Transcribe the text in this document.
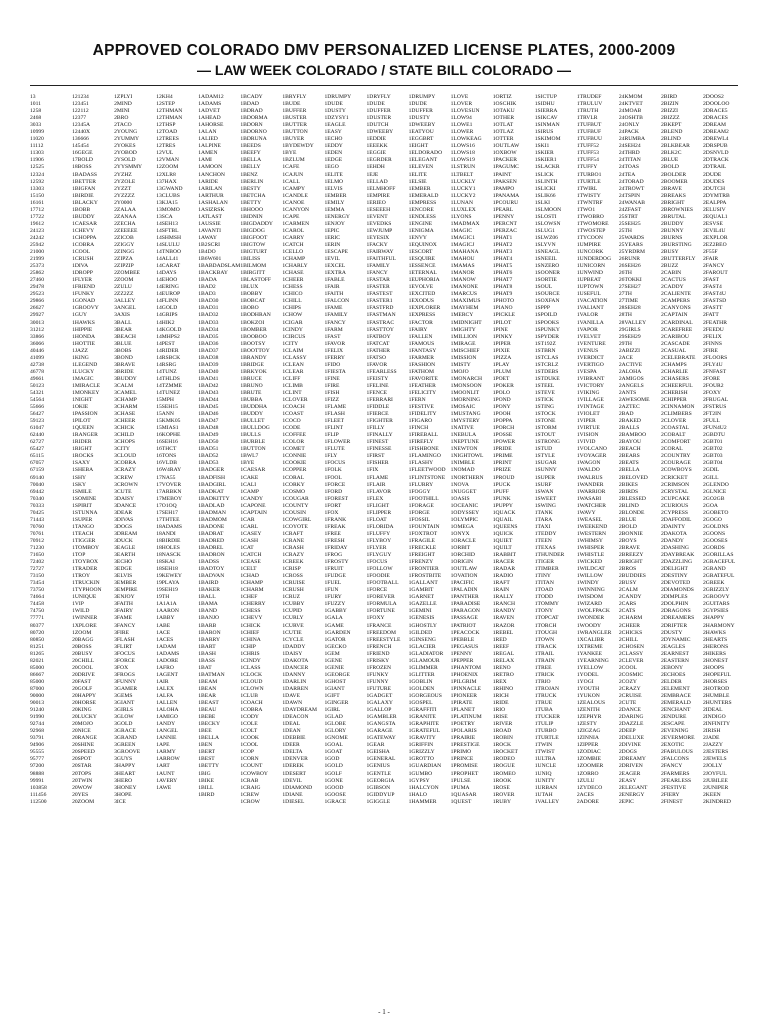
APPROVED COLORADO DMV PERSONALIZED LICENSE PLATES, 2000-2009
— LAW WEEK COLORADO / STATE BILL COLORADO —
13
1011
1258
2468
3033
10999
11020
11112
11303
11906
12525
12324
12592
13303
15150
16161
17712
17722
19612
24123
24242
25942
21000
21999
25373
25862
27460
29478
29523
29866
26627
29927
30013
31212
33866
36066
40446
41099
42738
46778
49661
50123
54321
54564
55666
56427
59123
61047
62440
62727
65427
65115
67057
67159
69140
70040
69442
70340
70333
70425
71443
70760
70761
70912
71230
71650
72402
72727
73150
73454
73750
74664
74458
74750
77771
80377
80720
80850
81251
81265
82021
85000
86667
85000
87000
90000
90013
91240
91990
92744
92968
93791
94906
95555
95777
97200
98888
99991
103858
111456
112500
121234
123451
122112
12377
12345A
12440X
136666
145454
16GEGE
17BOLD
18BOSS
1BADASS
1BETTER
1BIGFAN
1BIRDIE
1BLACKY
1BOBB
1BUDDY
1CAESAR
1CHEVY
1CHOPPA
1COBRA
1COOL
1CRUSH
1DIVA
1DROPP
1FLYER
1FRIEND
1FUNKY
1GONAD
1GROOVY
1GUY
1HAWKS
1HIPPIE
1HONDA
1HOTTIE
1JAZZ
1KING
1LEGEND
1LUCKY
1MAGIC
1MIRACLE
1MONKEY
1NIGHT
1OKIE
1PASSION
1PILOT
1QUEEN
1RANGER
1RIDER
1RIGHT
1ROCKS
1SAXY
1SHEBA
1SHY
1SKY
1SMILE
1SOMINE
1SPIRIT
1STUNNA
1SUPER
1TANGO
1TEACH
1TIGGER
1TOMBOY
1TOP
1TOYBOX
1TRADER
1TROY
1TRUCKIN
1TYPHOON
1UNIQUE
1VIP
1WILD
1WINNER
1XPLORE
1ZOOM
20BAGG
20BOSS
20BUSY
20CHILL
20COOL
20DRIVE
20FAST
20GOLF
20HAPPY
20HORSE
20KING
20LUCKY
20MOJO
20NICE
20RANGE
20SHINE
20SPEED
20SPOT
20STAR
20TOPS
20TWIN
20WOW
20YES
20ZOOM
1ZPLYI
2MIND
2MINI
2BRO
2TACO
2YOUNG
2YUMMY
2YOKES
2YOBOD
2YSOLD
2YYSMMY
2YZHZ
2YZOLE
2YZZT
2YZZZZ
2Y0000
2ZALAA
2ZANAA
2ZECHA
2ZEEEEE
2ZICOB
2ZIGGY
2ZINGG
2ZIPZA
2ZIPZIP
2ZOMBEE
2ZOOM
2ZULU
2ZZ2ZZ
3ALLEY
3ANGEL
3AXIS
3BALL
3BEAR
3BEACH
3BLUE
3BOBS
3BOND
3BRAVE
3BRIDE
3BUDDY
3CALM
3CAMEL
3CHAMP
3CHARM
3CHASE
3CHEER
3CHICK
3CHILD
3CHOPS
3CITY
3CLOUD
3COBRA
3CRAZY
3CREW
3CROWN
3CUTE
3DAISY
3DANCE
3DEAR
3DIVAS
3DOGS
3DREAM
3DUCK
3EAGLE
3EARTH
3ECHO
3EDGE
3ELVIS
3EMBER
3EMPIRE
3ENJOY
3FAITH
3FAIRY
3FAME
3FANCY
3FIRE
3FLASH
3FLIRT
3FOCUS
3FORCE
3FOX
3FROGS
3FUNNY
3GAMER
3GEMS
3GIANT
3GIRLS
3GLOW
3GOLD
3GRACE
3GRAND
3GREEN
3GROOVE
3GUYS
3HAPPY
3HEART
3HERO
3HONEY
3HOPE
3ICE
12KH4
12STEP
12THMAN
12THMAN
12THSP
12TOAD
12TREES
12TRES
12VUL
12VMAN
12ZOOM
12XLR8
137HAX
13GWAND
13CLUBS
13KJA15
13MOMO
13SCA
14SEH13
14SFTBL
14SHMSH
14SLULU
14TNBOO
14ALL41
14CARAT
14DAYS
14EHOO
14ERING
14EUROP
14FLINN
14GOLD
14GRIPS
14HIK2
14KGOLD
14MHPS2
14PEST
14RIDER
14RSBCK
14RSRG
14TUNZ
14THLDS
14TZMME
14TUNEZ
15MPH
15SEH15
15ANN
15KMK05
15MIAS1
16KOPHE
16SEH16
16THCT
16TONS
16VLDB
16W4RAY
17NA55
17VOVER
17ARBKN
17MEBOY
17O1OQ
17SEH17
17THTEE
18ADAMS
18ANDI
18BIRDIE
18HOLES
18NASCK
18SKAI
18SEH18
19KEWEY
19PLAYA
19SEH19
19TH
1A1A1A
1AARON
1ABBY
1ABE
1ACE
1ACES
1ADAM
1ADAMS
1ADORE
1AFRO
1AGENT
1AIR
1ALEX
1ALFA
1ALLEN
1ALOHA
1AMIGO
1ANDY
1ANGEL
1ANNIE
1APE
1ARMY
1ARROW
1ART
1AUNT
1AVERY
1AWE
1ADAM12
1ADAMS
1ADVET
1AHEAD
1AHORSE
1ALAN
1ALIED
1ALPINE
1AMEN
1AMI
1AMOON
1ANCHON
1ARIDE
1ARILAN
1ARTHUR
1ASHALAN
1ASIZRSK
1ATLAST
1AUSSIE
1AVANTI
1AWAY
1B2SCRI
1B4DO
1B6W601
1BABDADSLAM
1BACKBAY
1BADA
1BAD2
1BAD3
1BAD30
1BAD31
1BAD32
1BAD33
1BAD34
1BAD35
1BAD36
1BAD37
1BAD38
1BAD39
1BAD40
1BAD41
1BAD42
1BAD43
1BAD44
1BAD45
1BAD46
1BAD47
1BAD48
1BAD49
1BAD50
1BAD51
1BAD52
1BAD53
1BADGER
1BADFISH
1BADGIRL
1BADKAT
1BADKITTY
1BADLAD
1BADMAN
1BADMOM
1BADONE
1BADRAT
1BADRED
1BADREL
1BADRON
1BADSS
1BADTOY
1BADVAN
1BAIRD
1BAKER
1BALL
1BAMA
1BAND
1BANJO
1BARB
1BARON
1BARRY
1BART
1BASH
1BASS
1BAT
1BATMAN
1BEAM
1BEAN
1BEAR
1BEAST
1BEAU
1BEBE
1BECKY
1BEE
1BELLA
1BEN
1BERT
1BEST
1BETTY
1BIG
1BIKE
1BILL
1BIRD
1BCADY
1BDAD
1BDRAD
1BDORMA
1BDORN
1BDORNO
1BDRUNA
1BEEDS
1BEEFY
1BELLA
1BELLY
1BENZ
1BERLIN
1BESTY
1BETCHA
1BETTY
1BHOOO
1BIDNIN
1BIGDADDY
1BIGDOG
1BIGFOOT
1BIGTOW
1BIGTURT
1BILISS
1BILMOM
1BIRGITT
1BLASTOFF
1BLUX
1BOBBY
1BOBCAT
1BOBO
1BODHRAN
1BOKZOI
1BOMBER
1BOOBOO
1BOOTSY
1BOOTTOY
1BRANDY
1BRIDGE
1BRKYOK
1BRUCE
1BRUNO
1BRUTE
1BUBBA
1BUDDHA
1BUDDY
1BULLET
1BULLDOG
1BULLS
1BURBLE
1BUTTON
1BWL7
1BYE
1CAESAR
1CAKE
1CALI
1CAMP
1CANDY
1CAPONE
1CAPTAIN
1CAR
1CARL
1CASEY
1CASH
1CAT
1CATCH
1CEASE
1CELT
1CHAD
1CHAMP
1CHARM
1CHEF
1CHERRY
1CHESS
1CHEVY
1CHICK
1CHIEF
1CHINA
1CHIP
1CHRIS
1CINDY
1CLASS
1CLOCK
1CLOUD
1CLOWN
1CLUB
1COACH
1COBRA
1CODY
1COLE
1COLT
1COOK
1COOL
1COP
1CORN
1COUNT
1COWBOY
1CRAB
1CRAIG
1CREW
1CROW
1BRYFLY
1BUDE
1BUFFER
1BUSTER
1BUTTER
1BUTTON
1BUYER
1BYDEWDY
1BYE
1BZLUM
1CAFE
1CAJUN
1CALL
1CAMPY
1CANDLE
1CANOE
1CANYON
1CAPE
1CARMEN
1CAROL
1CARRY
1CATCH
1CELLO
1CHAMP
1CHARLY
1CHASE
1CHEER
1CHESS
1CHICO
1CHILL
1CHIPS
1CHOW
1CIGAR
1CINDY
1CIRCUS
1CITY
1CLAIM
1CLASSY
1CLEAN
1CLEAR
1CLIFF
1CLIMB
1CLINT
1CLOVER
1COACH
1COAST
1COCO
1CODE
1COFFEE
1COLOR
1COMET
1CONNIE
1COOKIE
1COPPER
1CORAL
1CORKY
1COSMO
1COUGAR
1COUNTY
1COUSIN
1COWGIRL
1COYOTE
1CRAFT
1CRANE
1CRASH
1CRAZY
1CREEK
1CRISP
1CROSS
1CRUISE
1CRUSH
1CRUZ
1CUBBY
1CUPID
1CURLY
1CURVE
1CUTIE
1CYCLE
1DADDY
1DAISY
1DAKOTA
1DANCER
1DANNY
1DARLIN
1DARREN
1DAVE
1DAWN
1DAYDREAM
1DEACON
1DEAL
1DEAN
1DEBBIE
1DEER
1DELTA
1DENVER
1DEREK
1DESERT
1DEVIL
1DIAMOND
1DIANE
1DIESEL
1DRUMPY
1DUDE
1DUSTY
1DZYSY1
1EAGLE
1EASY
1ECHO
1EDDY
1EDEN
1EDGE
1EGO
1ELITE
1ELMO
1ELVIS
1EMBER
1EMILY
1EMMA
1ENERGY
1ENJOY
1EPIC
1ERIC
1ERIN
1ESCAPE
1EVIL
1EXCEL
1EXTRA
1FABLE
1FAIR
1FAITH
1FALCON
1FAME
1FAMILY
1FANCY
1FARM
1FAST
1FAVOR
1FELIX
1FERRY
1FIDO
1FIESTA
1FINE
1FIRE
1FISH
1FIZZ
1FLAME
1FLASH
1FLEET
1FLINT
1FLIP
1FLOWER
1FLUTE
1FLY
1FOCUS
1FOLK
1FOOL
1FORCE
1FORD
1FOREST
1FORT
1FOX
1FRANK
1FREAK
1FREE
1FRESH
1FRIDAY
1FROG
1FROSTY
1FRUIT
1FUDGE
1FUEL
1FUN
1FURY
1FUZZY
1GABBY
1GALA
1GAME
1GARDEN
1GATOR
1GECKO
1GEM
1GENE
1GENIE
1GEORGE
1GHOST
1GIANT
1GIFT
1GINGER
1GIRL
1GLAD
1GLOBE
1GLORY
1GNOME
1GOAL
1GOAT
1GOD
1GOLD
1GOLF
1GONE
1GOOD
1GOOSE
1GRACE
1DRYFLY
1DUDE
1DUFFER
1DUSTER
1DUTCH
1DWEEBY
1EDDIE
1EEEKK
1EGGIE
1EGRDER
1EHDH
1EJE
1ELLAD
1ELMHOFF
1EMPIRE
1ERIEO
1ESEEEH
1EVENT
1EVEDKS
1EWJUMP
1EYESIX
1FACKY
1FAIRWAY
1FAITHFUL
1FAMILY
1FANCY
1FASTAR
1FASTER
1FASTEST
1FASTER1
1FASTFRD
1FASTMAN
1FASTRAC
1FASTTOY
1FATBOY
1FATCAT
1FATHER
1FATSO
1FAVOR
1FEARLESS
1FEISTY
1FELINE
1FENCE
1FERRARI
1FIDDLE
1FIERCE
1FIGHTER
1FILLY
1FINALLY
1FINEST
1FINESSE
1FIRST
1FISHER
1FIX
1FLAME
1FLAIR
1FLAVOR
1FLEX
1FLIGHT
1FLIPPER
1FLOAT
1FLORIDA
1FLUFFY
1FLYBOY
1FLYER
1FLYGUY
1FOCUS
1FOLLOW
1FOODIE
1FOOTBALL
1FORCE
1FOREVER
1FORMULA
1FORTUNE
1FOXY
1FRANCE
1FREEDOM
1FREESTYLE
1FRENCH
1FRIEND
1FRISKY
1FROZEN
1FUNKY
1FUNNY
1FUTURE
1GADGET
1GALAXY
1GALLOP
1GAMBLER
1GANGSTA
1GARAGE
1GATEWAY
1GEAR
1GEISHA
1GENERAL
1GENIUS
1GENTLE
1GEORGIA
1GIBSON
1GIDDYUP
1GIGGLE
1DRUMPY
1DUDE
1DUFFER
1DUSTY
1DWEEBY
1EATYOU
1EGGBRT
1EIGHT
1ELDORADO
1ELEGANT
1ELEVEN
1ELITE
1ELSIE
1EMBER
1EMERALD
1EMPRESS
1ENCORE
1ENDLESS
1ENGINE
1ENIGMA
1ENVY
1EQUINOX
1ESCORT
1ESQUIRE
1ESSENCE
1ETERNAL
1EUPHORIA
1EVOLVE
1EXCITED
1EXODUS
1EXPLORER
1EXPRESS
1FACTOR
1FAIRY
1FALLEN
1FAMOUS
1FANTASY
1FARMER
1FASHION
1FATHOM
1FAVORITE
1FEATHER
1FELICITY
1FERN
1FESTIVE
1FIDELITY
1FIGARO
1FINCH
1FIREBALL
1FIREFLY
1FISHBONE
1FLAMINGO
1FLASHY
1FLEETWOOD
1FLINTSTONE
1FLURRY
1FOGGY
1FOOTHILL
1FORAGE
1FORGE
1FOSSIL
1FOUNTAIN
1FOXTROT
1FRAGILE
1FRECKLE
1FREIGHT
1FRENZY
1FRONTIER
1FROSTBITE
1GALLANT
1GAMBIT
1GARNET
1GAZELLE
1GEMINI
1GENESIS
1GHOSTLY
1GILDED
1GINSENG
1GLACIER
1GLADIATOR
1GLAMOUR
1GLIMMER
1GLITTER
1GOBLIN
1GOLDEN
1GORGEOUS
1GOSPEL
1GRAFFITI
1GRANITE
1GRAPHITE
1GRATEFUL
1GRAVITY
1GRIFFIN
1GRIZZLY
1GROTTO
1GUARDIAN
1GUMBO
1GYPSY
1HALCYON
1HALO
1HAMMER
1LOVE
1LOVER
1LOVESUN
1LOW94
1LOWE1
1LOWER
1LOWKEAG
1LOWS16
1LOWS18
1LOWS19
1LSTRUN
1LTBELT
1LUCKLY
1LUCKY1
1LUCKY2
1LUNAN
1LUXLEX
1LYONS
1MADMAX
1MAGIC
1MAGIC1
1MAGICJ
1MAHANA
1MAHOU
1MAMAS
1MANOR
1MANOW
1MANONE
1MARCUS
1MAXIMUS
1MAYHEM
1MERCY
1MIDNIGHT
1MIGHTY
1MILLION
1MIRAGE
1MISCHIEF
1MISSION
1MISTY
1MOJO
1MONARCH
1MONSOON
1MOONLIT
1MORNING
1MOSAIC
1MUSTANG
1MYSTERY
1NATIVE
1NEBULA
1NEPTUNE
1NEWTON
1NIGHTOWL
1NIMBLE
1NOMAD
1NORTHERN
1NOVA
1NUGGET
1OASIS
1OCEANIC
1ODYSSEY
1OLYMPIC
1OMEGA
1ONYX
1ORACLE
1ORBIT
1ORCHID
1ORIGIN
1OUTLAW
1OVATION
1PACIFIC
1PALADIN
1PANTHER
1PARADISE
1PARAGON
1PASSAGE
1PATRIOT
1PEACOCK
1PEBBLE
1PEGASUS
1PENNY
1PEPPER
1PHANTOM
1PHOENIX
1PILGRIM
1PINNACLE
1PIONEER
1PIRATE
1PLANET
1PLATINUM
1POETRY
1POLARIS
1PRAIRIE
1PRESTIGE
1PRIMO
1PRINCE
1PROMISE
1PROPHET
1PULSE
1PUMA
1QUASAR
1QUEST
1ORTIZ
1OSCHIK
1OTAKU
1OTHER
1OTLAT
1OTLAZ
1OTTER
1OUTLAW
1OXBOW
1PACKER
1PAGUMC
1PAINT
1PAKSEN
1PAMPO
1PANAMA
1PCOURU
1PEARL
1PENNY
1PERCNT
1PERZAC
1PHAT1
1PHAT2
1PHAT3
1PHAT4
1PHAT5
1PHAT6
1PHAT7
1PHAT8
1PHAT9
1PHOTO
1PIANO
1PICKLE
1PILOT
1PINE
1PINKY
1PIPER
1PIXIE
1PIZZA
1PLAY
1PLUM
1POET
1POKER
1POLO
1POND
1PONY
1POOH
1POPPA
1PORCH
1POSSE
1POWER
1PRIDE
1PRIME
1PRINT
1PRIZE
1PROUD
1PUCK
1PUFF
1PUNK
1PUPPY
1QUACK
1QUAIL
1QUEENS
1QUICK
1QUIET
1QUILT
1RABBIT
1RACER
1RADAR
1RADIO
1RAFT
1RAIN
1RALLY
1RANCH
1RANDY
1RAVEN
1RAZOR
1REBEL
1RED
1REEF
1REGAL
1RELAX
1RENO
1RETRO
1REX
1RHINO
1RICH
1RIDE
1RIO
1RISE
1RIVER
1ROAD
1ROBIN
1ROCK
1ROCKET
1RODEO
1ROGUE
1ROMEO
1ROOK
1ROSE
1ROVER
1RUBY
1SICTUP
1SIDHU
1SIERRA
1SIKCAV
1SINMAN
1SIRUS
1SKIMOM
1SKI1
1SKIER
1SKIER1
1SLACKR
1SLICK
1SLINTH
1SLICKI
1SLIK66
1SLKI
1SLMOON
1SLOSTI
1SLOWSN
1SLUG1
1SLWZ06
1SLYVN
1SNEAGL
1SNEEIL
1SNZERO
1SOONER
1SORTIE
1SOUL
1SOURCE
1SOXFAN
1SPPP
1SPOILD
1SPOOKS
1SPUNKY
1SPYDER
1ST192Z
1STBRN
1STCLAS
1STCRLZ
1STDEBS
1STDUKE
1STEEL
1STEVE
1STICK
1STING
1STOCK
1STONE
1STORM
1STOUT
1STRONG
1STUD
1STYLE
1SUGAR
1SUNNY
1SUPER
1SURF
1SWAN
1SWEET
1SWING
1TANK
1TARA
1TAXI
1TEDDY
1TEEN
1TEXAS
1THUNDER
1TIGER
1TIMBER
1TINY
1TITAN
1TOAD
1TODD
1TOMMY
1TONY
1TOPCAT
1TORCH
1TOUGH
1TOWN
1TRACK
1TRAIL
1TRAIN
1TREE
1TRICK
1TRIO
1TROJAN
1TRUCK
1TRUE
1TUBA
1TUCKER
1TULIP
1TURBO
1TURTLE
1TWIN
1TWIST
1ULTRA
1UNCLE
1UNIQ
1UNITY
1URBAN
1UTAH
1VALLEY
1TRUDEF
1TRULUV
1TRUTH
1TRVLR
1TUFBUT
1TUFBUF
1TUFBUU
1TUFF52
1TUFF53
1TUFF54
1TUFFY
1TURBO1
1TURTLE
1TWIRL
1TWISTY
1TWNTRF
1TWO1
1TWOBRO
1TWOMORE
1TWOSTEP
1TYCOON
1UMPIRE
1UNCORK
1UNDERDOG
1UNICORN
1UNWIND
1UPBEAT
1UPTOWN
1USEFUL
1VACATION
1VALIANT
1VALOR
1VANILLA
1VAPOR
1VELVET
1VENTURE
1VENUS
1VERDICT
1VERTIGO
1VESPA
1VIBRANT
1VICTORY
1VIKING
1VILLAGE
1VINTAGE
1VIOLET
1VIPER
1VIRTUE
1VISION
1VIVID
1VOLCANO
1VOYAGER
1WAGON
1WALDO
1WALRUS
1WANDER
1WARRIOR
1WASABI
1WATCHER
1WAVY
1WEASEL
1WEEKEND
1WESTERN
1WHIMSY
1WHISPER
1WHISTLE
1WICKED
1WILDCAT
1WILLOW
1WINDY
1WINNING
1WISDOM
1WIZARD
1WOLFPACK
1WONDER
1WOODY
1WRANGLER
1XCALIBR
1XTREME
1YANKEE
1YEARNING
1YELLOW
1YODEL
1YOGI
1YOUTH
1YUKON
1ZEALOUS
1ZENITH
1ZEPHYR
1ZESTY
1ZIGZAG
1ZINNIA
1ZIPPER
1ZODIAC
1ZOMBIE
1ZOOMER
1ZORRO
1ZULU
1ZYDECO
2ACES
2ADORE
24KMOM
24KTVET
24MOAB
24OSHTB
24ONLY
24PACK
24RUMBA
24SEH24
24THRD
24TITAN
24TOAS
24TEA
24TORAD
24TROWT
24TSPIN
24WANAB
24ZFAST
25STRT
25SEH25
25TH
25WARDS
25YEARS
25YRDRM
26RUNR
26SEH26
26TH
26TOKKI
27SEH27
27TH
27TIME
28SEH28
28TH
28VALLEY
29GIRLS
29SEH29
29TH
2ABIZZI
2ACE
2ACTIVE
2ALOHA
2AMIGOS
2ANGELS
2ANTS
2AWESOME
2AZTEC
2BAD
2BAKED
2BALLS
2BAMBOO
2BAYOU
2BEACH
2BEARS
2BEATS
2BELLA
2BELOVED
2BIKES
2BIRDS
2BLESSED
2BLIND
2BLONDE
2BLUE
2BOLD
2BONNIE
2BOYS
2BRAVE
2BREEZY
2BRIGHT
2BROS
2BUDDIES
2BUSY
2CALM
2CANDY
2CARS
2CATS
2CHARM
2CHEER
2CHICKS
2CHILL
2CHOSEN
2CLASSY
2CLEVER
2COOL
2COSMIC
2COZY
2CRAZY
2CRUISE
2CUTE
2DANCE
2DARING
2DAZZLE
2DEEP
2DELUXE
2DIVINE
2DOGS
2DREAMY
2DRIVEN
2EAGER
2EASY
2ELEGANT
2ENERGY
2EPIC
2BIRD
2BIZIN
2BIZZI
2BIZZZ
2BKEPT
2BLEND
2BLIND
2BLKBEAR
2BLK2C
2BLUE
2BOLD
2BOLDER
2BOOMER
2BRAVE
2BREAKS
2BRIGHT
2BROWNIES
2BRUTAL
2BUDDY
2BUNNY
2BURNS
2BURSTING
2BUSY
2BUTTERFLY
2BUZZ
2CABIN
2CACTUS
2CADDY
2CALIENTE
2CAMPERS
2CANYONS
2CAPTAIN
2CARDINAL
2CAREFREE
2CARIBOU
2CASCADE
2CASUAL
2CELEBRATE
2CHAMPS
2CHARLIE
2CHASERS
2CHEERFUL
2CHERISH
2CHIPPER
2CINNAMON
2CLIMBERS
2CLOVER
2COASTAL
2COBALT
2COMFORT
2CORAL
2COUNTRY
2COURAGE
2COWBOYS
2CRICKET
2CRIMSON
2CRYSTAL
2CUPCAKE
2CURIOUS
2CYPRESS
2DAFFODIL
2DAINTY
2DAKOTA
2DANDY
2DASHING
2DAYBREAK
2DAZZLING
2DELIGHT
2DESTINY
2DEVOTED
2DIAMONDS
2DIMPLES
2DOLPHIN
2DRAGONS
2DREAMERS
2DRIFTER
2DUSTY
2DYNAMIC
2EAGLES
2EARNEST
2EASTERN
2EBONY
2ECHOES
2ELDER
2ELEMENT
2EMBRACE
2EMERALD
2ENCHANT
2ENDURE
2ESCAPE
2EVENING
2EVERMORE
2EXOTIC
2FABULOUS
2FALCONS
2FANCY
2FARMERS
2FEARLESS
2FESTIVE
2FIERY
2FINEST
2DOOS2
2DOOLOO
2DRACE5
2DRACES
2DREAM
2DREAM2
2DREWL4
2DRSPUB
2DSNVLD
2DTRACK
2DTRAIL
2DUDE
2DUDES
2DUTCH
2DYMTRB
2EALPPA
2ELUSIV
2EQUAL1
2ESVSE
2EVIL4U
2EXPLOR
2EZ2BEO
2F55F
2FAIR
2FANCY
2FAROUT
2FAST
2FAST4
2FAST4U
2FASTSD
2FASTT
2FATT
2FEATHR
2FEEDU
2FELIX
2FINNS
2FIRE
2FLOORS
2FLY4U
2FNFAST
2FORE
2FOUR2
2FOXY
2FRUGAL
2FSTRUS
2FT2IN
2FULL
2FUN4U2
2GBDTU
2GBT01
2GBT02
2GBT03
2GBT04
2GDIL
2GILL
2GLENDO
2GLNICE
2GO2GB
2GOA
2GOBETO
2GOGO
2GOLDNS
2GOONS
2GOOSES
2GORDS
2GORILLAS
2GRACEFUL
2GRAND
2GRATEFUL
2GREEK
2GRIZZLY
2GROOVY
2GUITARS
2GYPSIES
2HAPPY
2HARMONY
2HAWKS
2HEARTS
2HERONS
2HIKERS
2HONEST
2HOOPS
2HOPEFUL
2HORSES
2HOTROD
2HUMBLE
2HUNTERS
2IDEAL
2INDIGO
2INFINITY
2IRISH
2JADE
2JAZZY
2JESTERS
2JEWELS
2JOLLY
2JOYFUL
2JUBILEE
2JUNIPER
2KEEN
2KINDRED
- 1 -
